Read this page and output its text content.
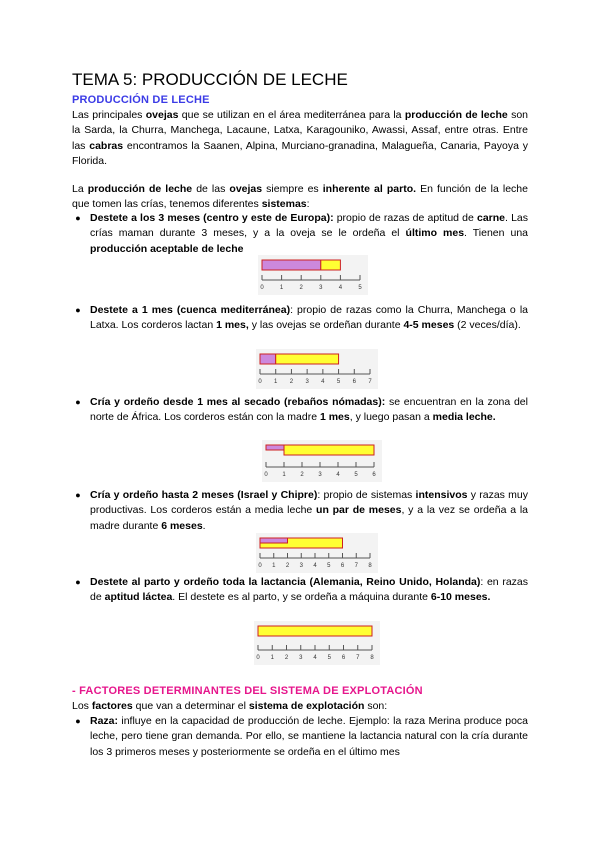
TEMA 5: PRODUCCIÓN DE LECHE
PRODUCCIÓN DE LECHE

Las principales ovejas que se utilizan en el área mediterránea para la producción de leche son la Sarda, la Churra, Manchega, Lacaune, Latxa, Karagouniko, Awassi, Assaf, entre otras. Entre las cabras encontramos la Saanen, Alpina, Murciano-granadina, Malagueña, Canaria, Payoya y Florida.

La producción de leche de las ovejas siempre es inherente al parto. En función de la leche que tomen las crías, tenemos diferentes sistemas:

● Destete a los 3 meses (centro y este de Europa): propio de razas de aptitud de carne. Las crías maman durante 3 meses, y a la oveja se le ordeña el último mes. Tienen una producción aceptable de leche
0	1	2	3	4	5
● Destete a 1 mes (cuenca mediterránea): propio de razas como la Churra, Manchega o la Latxa. Los corderos lactan 1 mes, y las ovejas se ordeñan durante 4-5 meses (2 veces/día).
0 1 2 3 4 5 6 7
● Cría y ordeño desde 1 mes al secado (rebaños nómadas): se encuentran en la zona del norte de África. Los corderos están con la madre 1 mes, y luego pasan a media leche.
0 1 2 3 4 5 6
● Cría y ordeño hasta 2 meses (Israel y Chipre): propio de sistemas intensivos y razas muy productivas. Los corderos están a media leche un par de meses, y a la vez se ordeña a la madre durante 6 meses.
0 1 2 3 4 5 6 7 8
● Destete al parto y ordeño toda la lactancia (Alemania, Reino Unido, Holanda): en razas de aptitud láctea. El destete es al parto, y se ordeña a máquina durante 6-10 meses.
0 1 2 3 4 5 6 7 8
- FACTORES DETERMINANTES DEL SISTEMA DE EXPLOTACIÓN

Los factores que van a determinar el sistema de explotación son:

● Raza: influye en la capacidad de producción de leche. Ejemplo: la raza Merina produce poca leche, pero tiene gran demanda. Por ello, se mantiene la lactancia natural con la cría durante los 3 primeros meses y posteriormente se ordeña en el último mes
